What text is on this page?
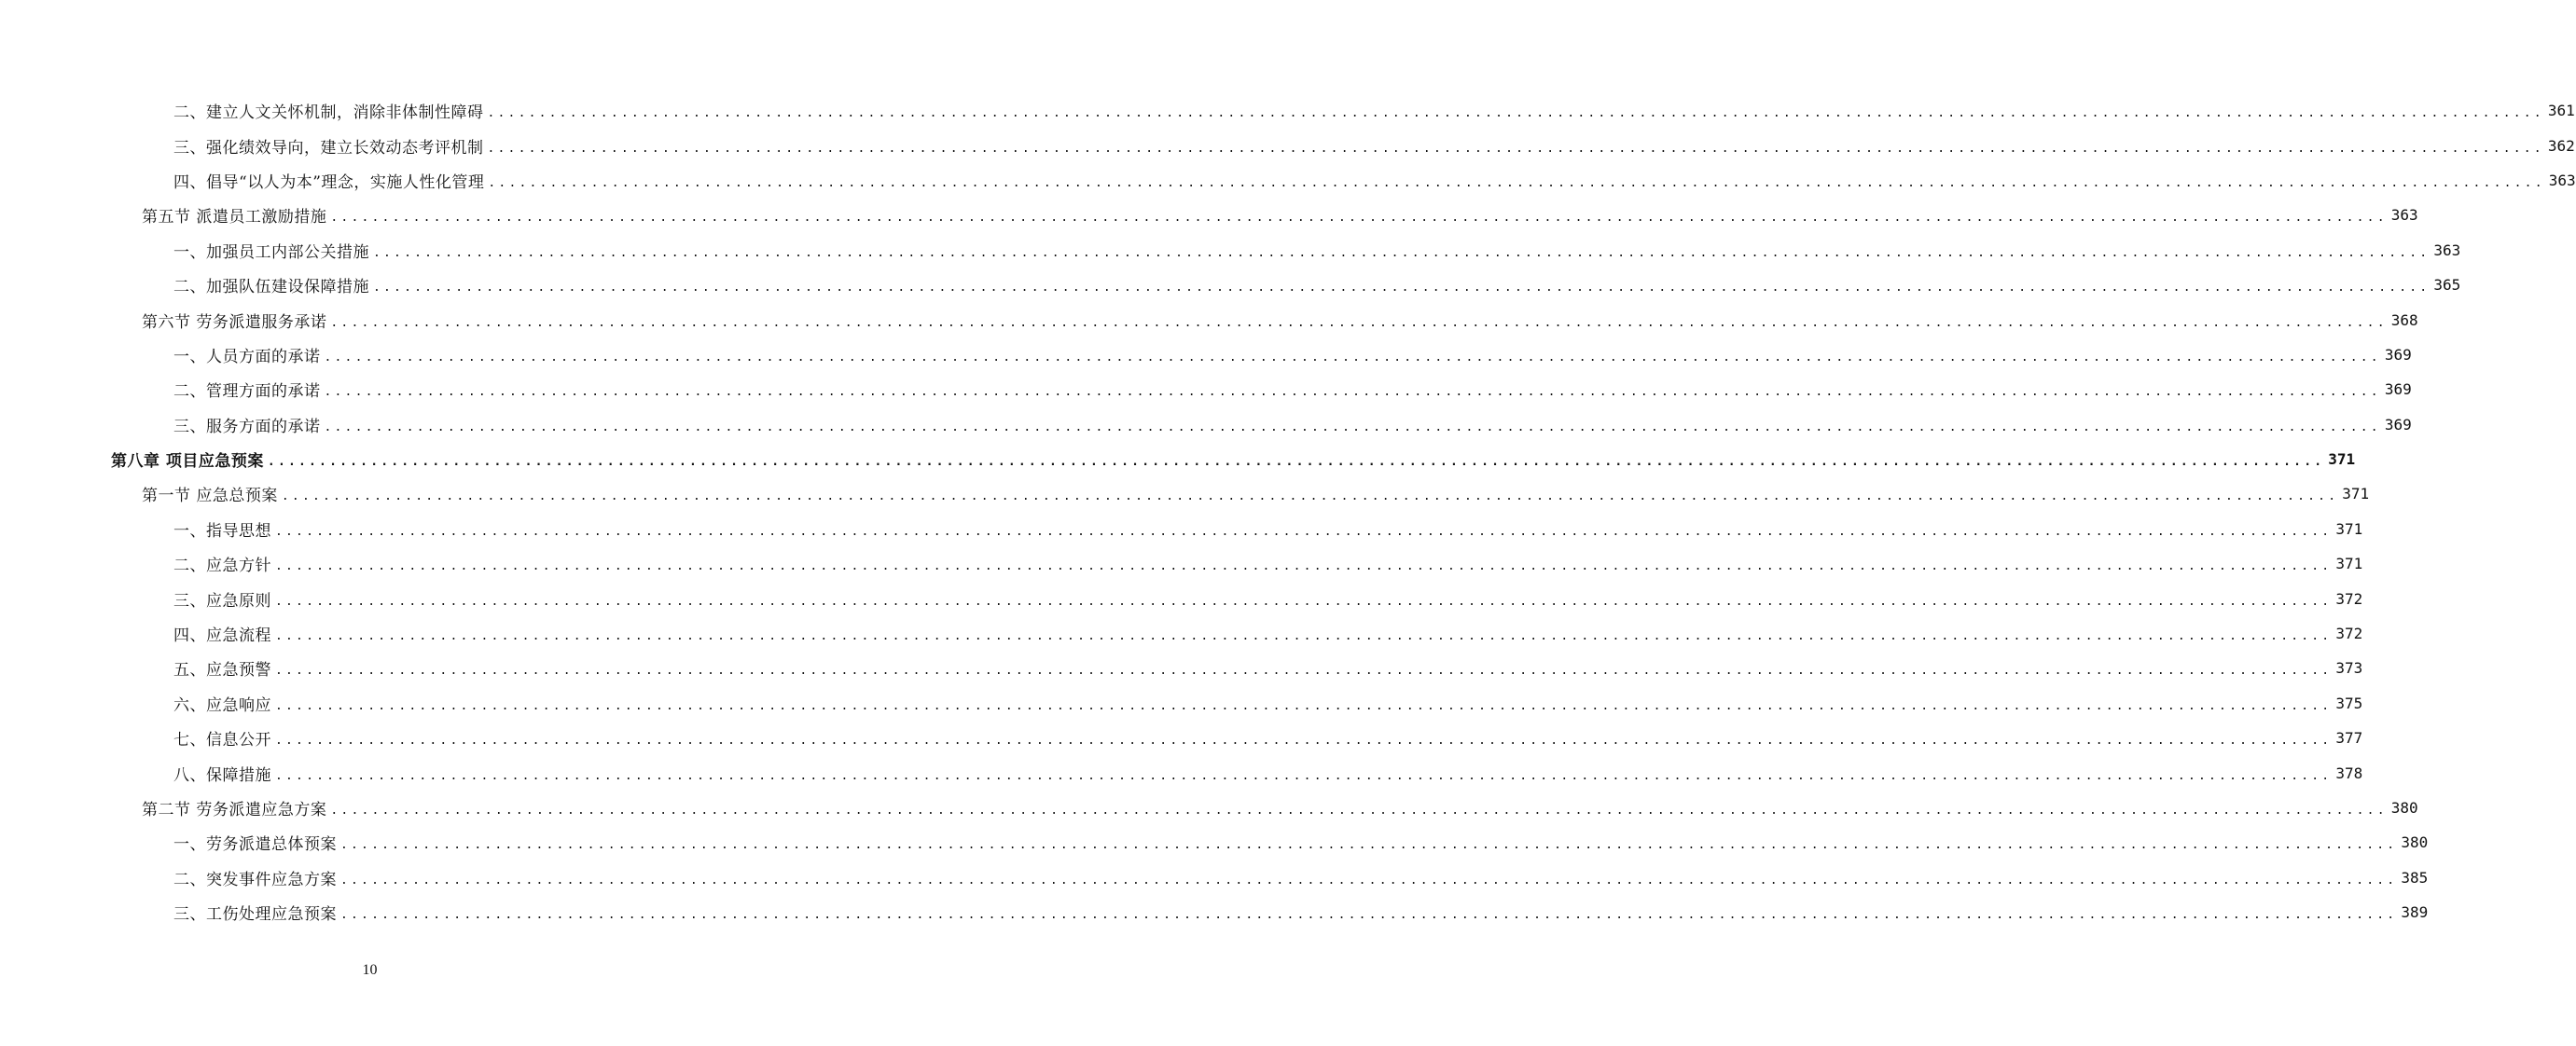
二、建立人文关怀机制，消除非体制性障碍 ........................................................................................................................................................................................................ 361
三、强化绩效导向，建立长效动态考评机制 ........................................................................................................................................................................................................ 362
四、倡导“以人为本”理念，实施人性化管理 ........................................................................................................................................................................................................ 363
第五节 派遣员工激励措施 ........................................................................................................................................................................................................ 363
一、加强员工内部公关措施 ........................................................................................................................................................................................................ 363
二、加强队伍建设保障措施 ........................................................................................................................................................................................................ 365
第六节 劳务派遣服务承诺 ........................................................................................................................................................................................................ 368
一、人员方面的承诺 ........................................................................................................................................................................................................ 369
二、管理方面的承诺 ........................................................................................................................................................................................................ 369
三、服务方面的承诺 ........................................................................................................................................................................................................ 369
第八章 项目应急预案 ........................................................................................................................................................................................................ 371
第一节 应急总预案 ........................................................................................................................................................................................................ 371
一、指导思想 ........................................................................................................................................................................................................ 371
二、应急方针 ........................................................................................................................................................................................................ 371
三、应急原则 ........................................................................................................................................................................................................ 372
四、应急流程 ........................................................................................................................................................................................................ 372
五、应急预警 ........................................................................................................................................................................................................ 373
六、应急响应 ........................................................................................................................................................................................................ 375
七、信息公开 ........................................................................................................................................................................................................ 377
八、保障措施 ........................................................................................................................................................................................................ 378
第二节 劳务派遣应急方案 ........................................................................................................................................................................................................ 380
一、劳务派遣总体预案 ........................................................................................................................................................................................................ 380
二、突发事件应急方案 ........................................................................................................................................................................................................ 385
三、工伤处理应急预案 ........................................................................................................................................................................................................ 389
10
